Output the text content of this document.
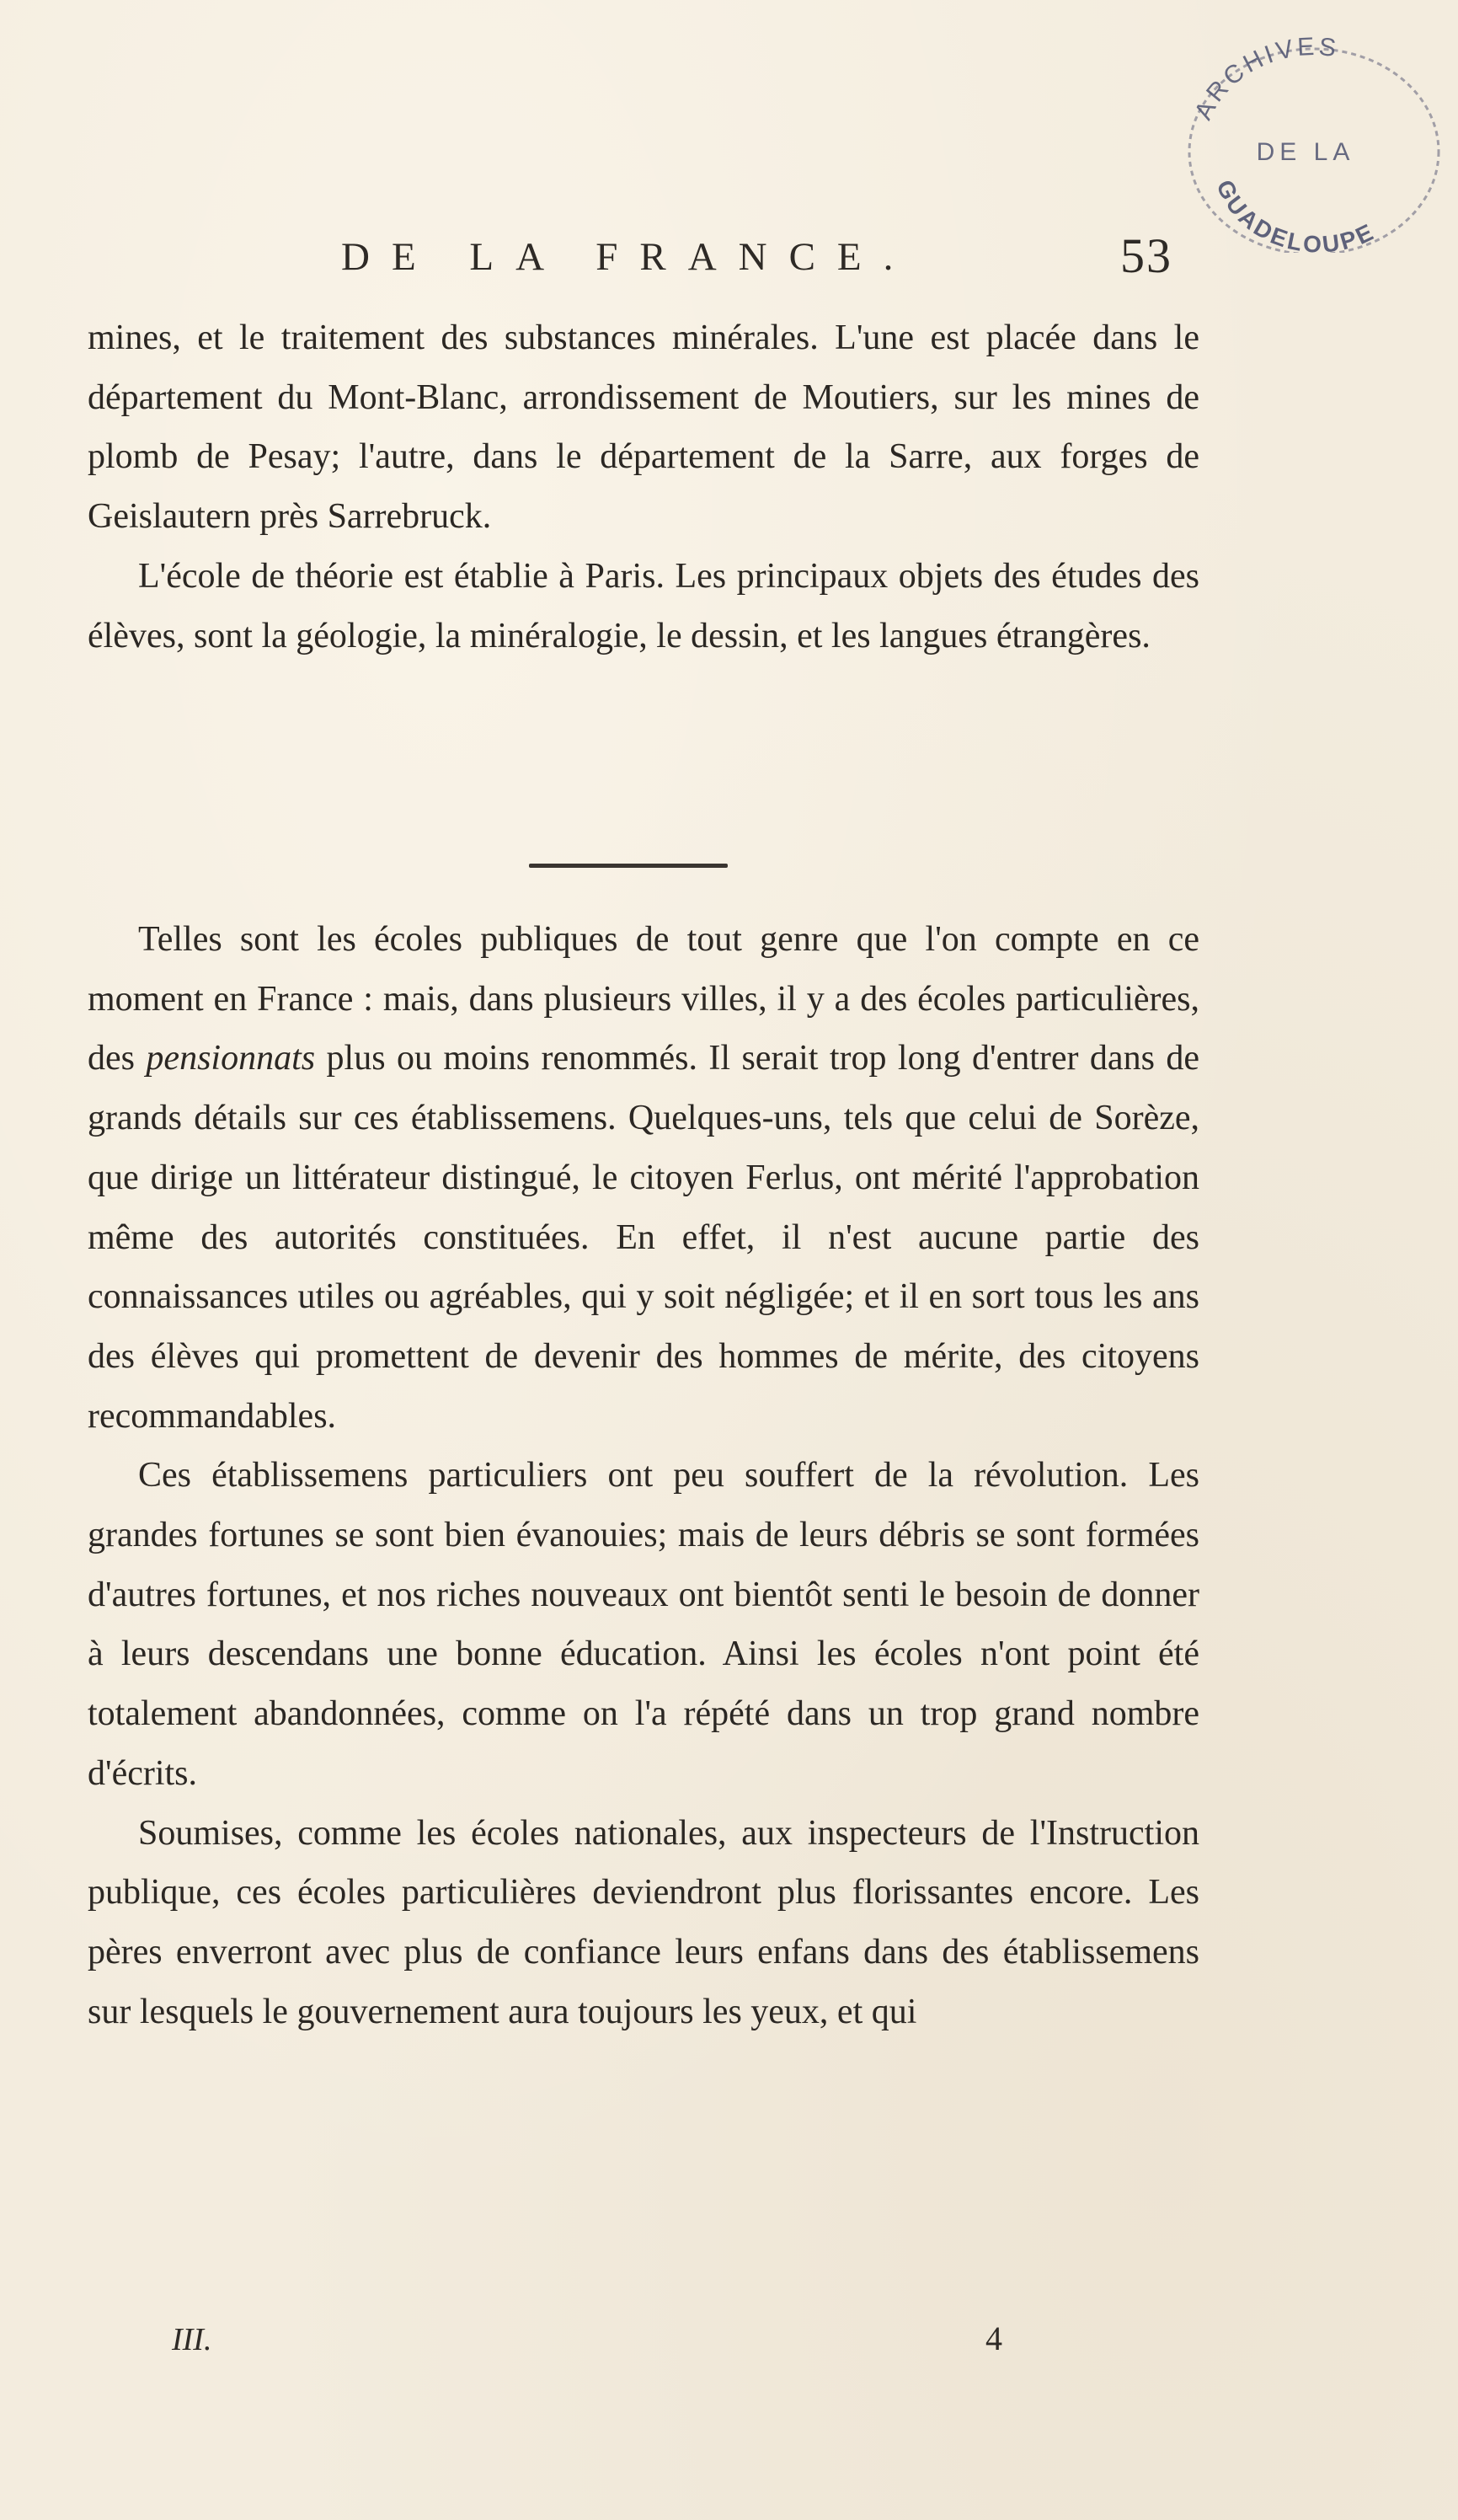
ARCHIVES
DE LA
GUADELOUPE
DE LA FRANCE.	53

mines, et le traitement des substances minérales. L'une est placée dans le département du Mont-Blanc, arrondissement de Moutiers, sur les mines de plomb de Pesay; l'autre, dans le département de la Sarre, aux forges de Geislautern près Sarrebruck.

L'école de théorie est établie à Paris. Les principaux objets des études des élèves, sont la géologie, la minéralogie, le dessin, et les langues étrangères.

Telles sont les écoles publiques de tout genre que l'on compte en ce moment en France : mais, dans plusieurs villes, il y a des écoles particulières, des pensionnats plus ou moins renommés. Il serait trop long d'entrer dans de grands détails sur ces établissemens. Quelques-uns, tels que celui de Sorèze, que dirige un littérateur distingué, le citoyen Ferlus, ont mérité l'approbation même des autorités constituées. En effet, il n'est aucune partie des connaissances utiles ou agréables, qui y soit négligée; et il en sort tous les ans des élèves qui promettent de devenir des hommes de mérite, des citoyens recommandables.

Ces établissemens particuliers ont peu souffert de la révolution. Les grandes fortunes se sont bien évanouies; mais de leurs débris se sont formées d'autres fortunes, et nos riches nouveaux ont bientôt senti le besoin de donner à leurs descendans une bonne éducation. Ainsi les écoles n'ont point été totalement abandonnées, comme on l'a répété dans un trop grand nombre d'écrits.

Soumises, comme les écoles nationales, aux inspecteurs de l'Instruction publique, ces écoles particulières deviendront plus florissantes encore. Les pères enverront avec plus de confiance leurs enfans dans des établissemens sur lesquels le gouvernement aura toujours les yeux, et qui

III.	4
